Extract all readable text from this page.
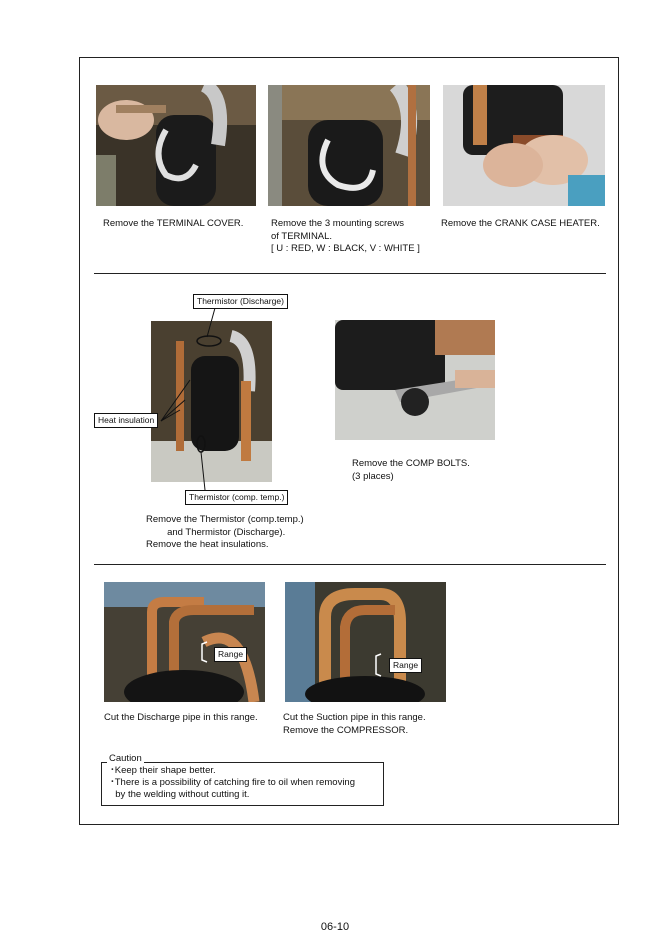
Remove the TERMINAL COVER.	Remove the 3 mounting screws
of TERMINAL.
[ U : RED, W : BLACK, V : WHITE ]
Remove the CRANK CASE HEATER.
Thermistor (Discharge)
Heat insulation
Thermistor (comp. temp.)
Remove the Thermistor (comp.temp.)
and Thermistor (Discharge).
Remove the heat insulations.
Remove the COMP BOLTS.
(3 places)
Range
Range
Cut the Discharge pipe in this range.	Cut the Suction pipe in this range.
Remove the COMPRESSOR.
Caution
･Keep their shape better.
･There is a possibility of catching fire to oil when removing
by the welding without cutting it.
06-10
